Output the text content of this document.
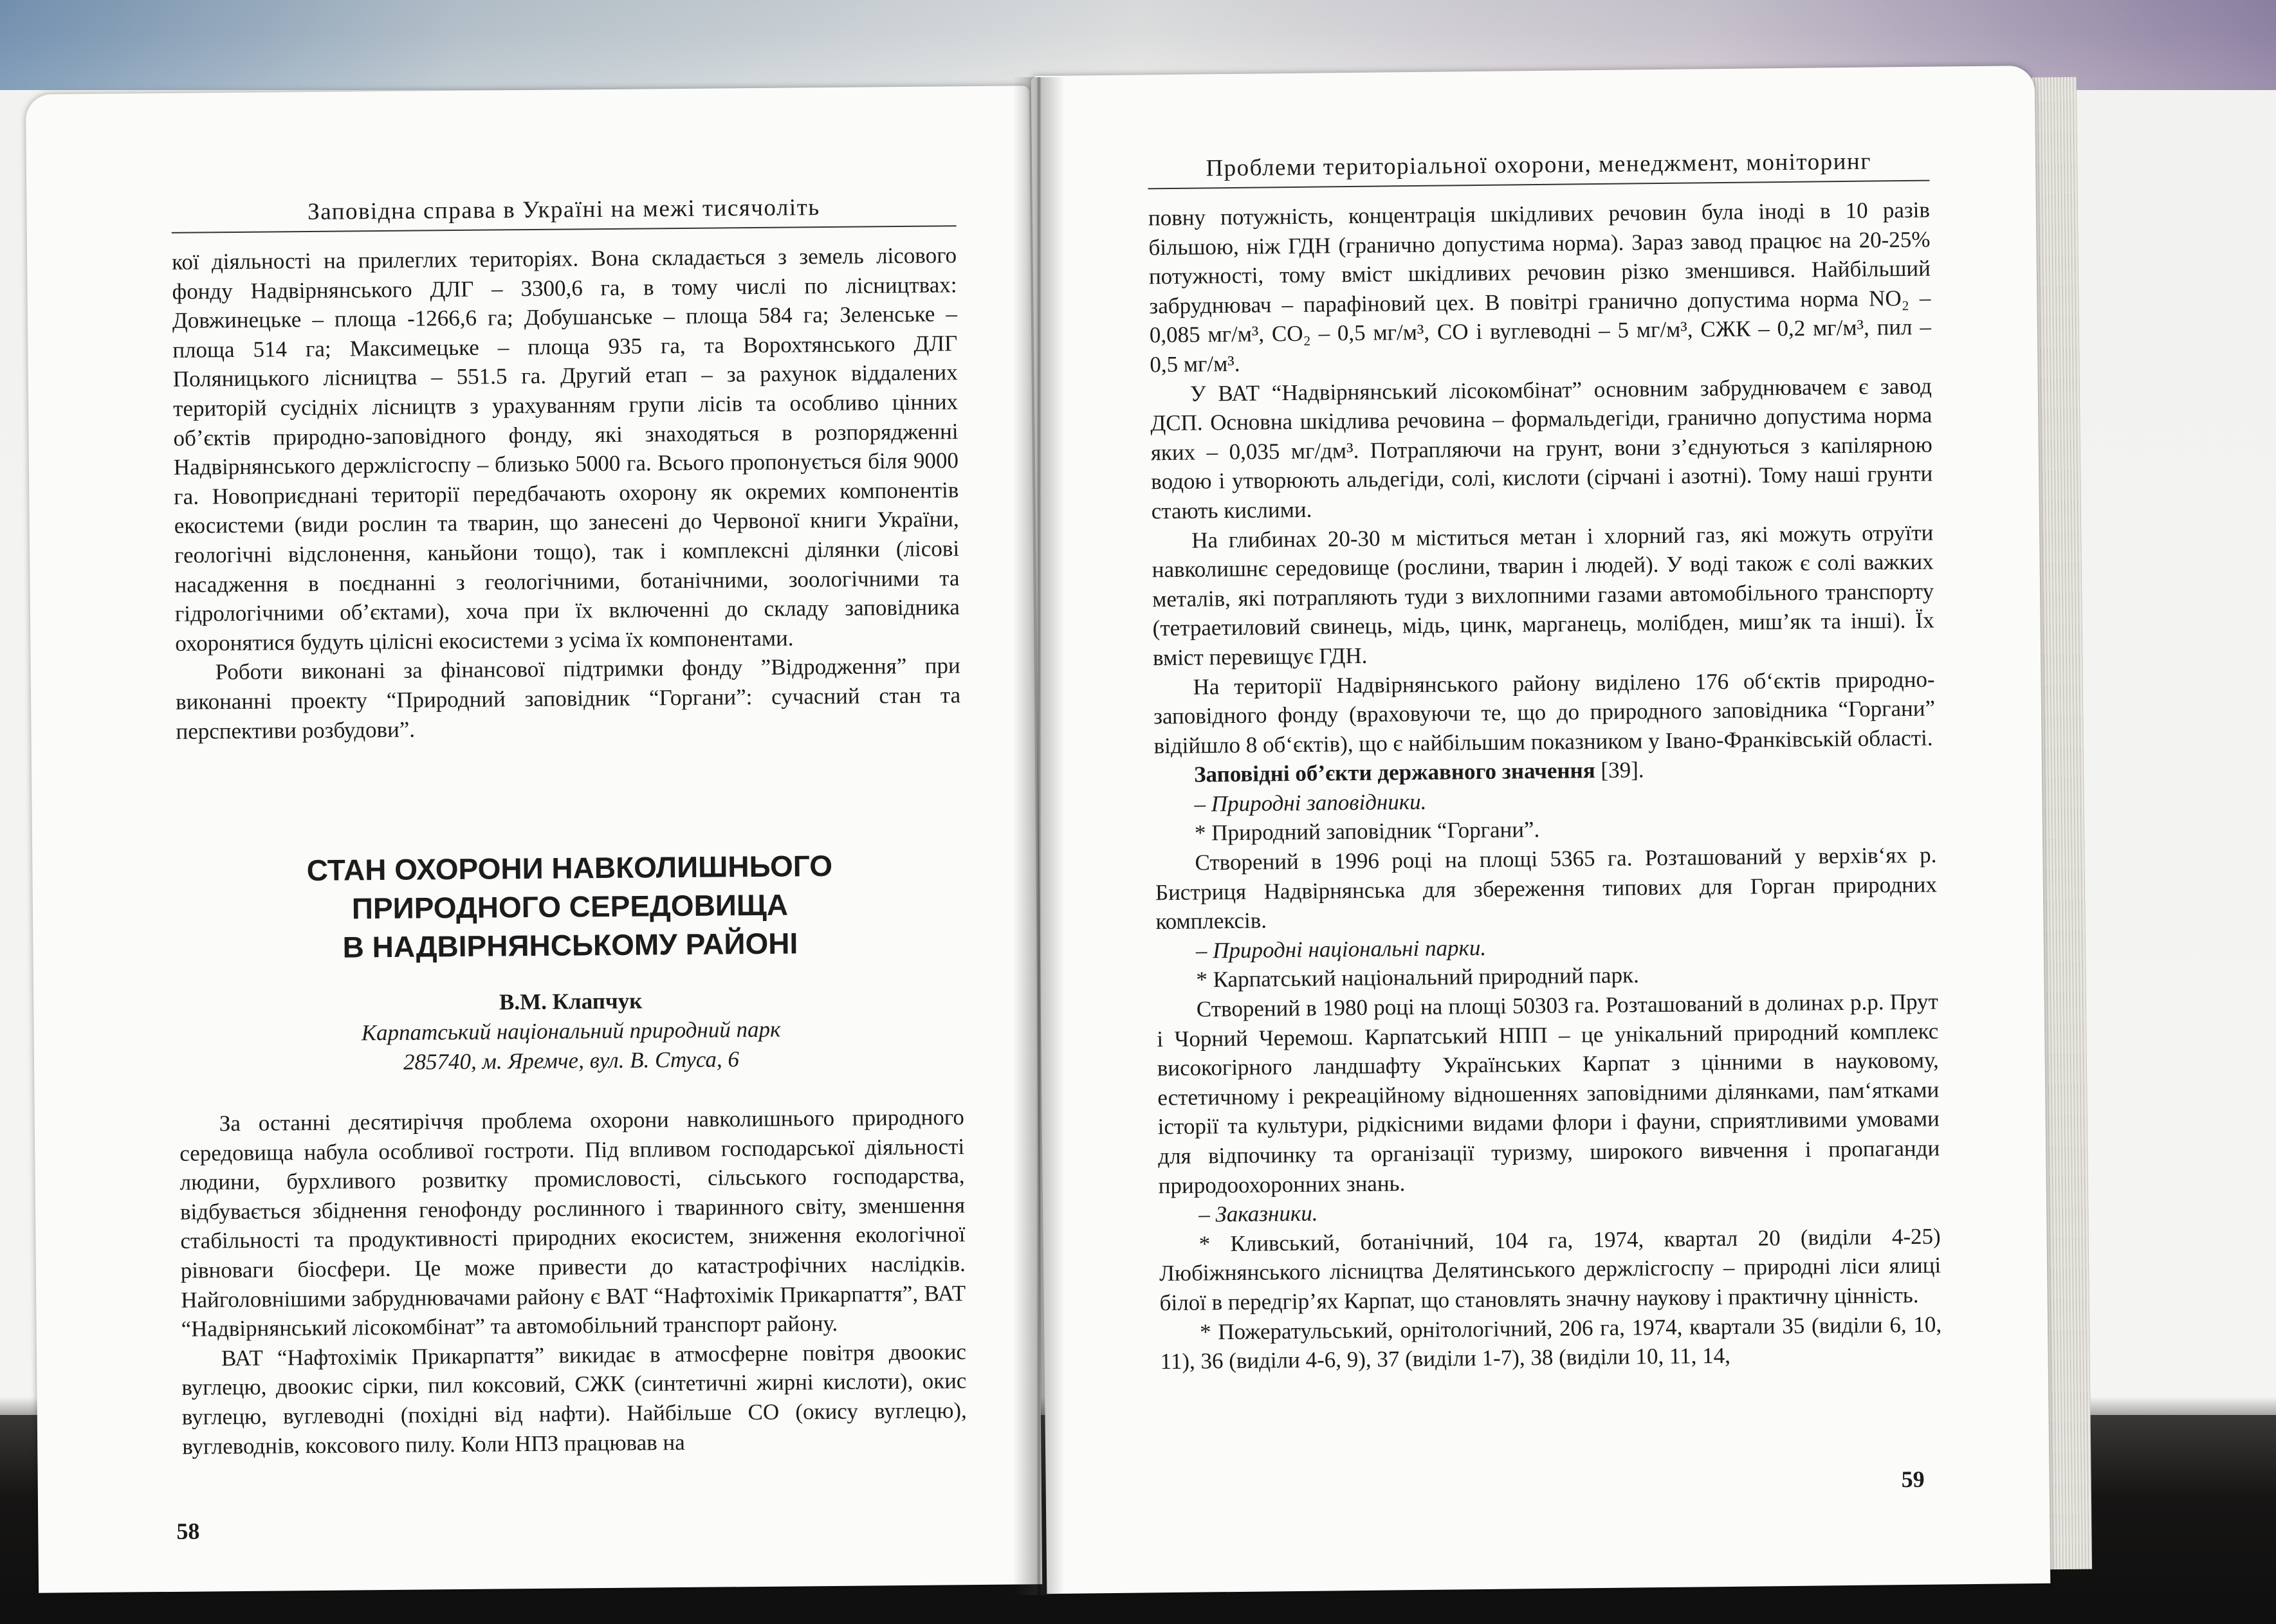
Заповідна справа в Україні на межі тисячоліть

кої діяльності на прилеглих територіях. Вона складається з земель лісового фонду Надвірнянського ДЛГ – 3300,6 га, в тому числі по лісництвах: Довжинецьке – площа -1266,6 га; Добушанське – площа 584 га; Зеленське – площа 514 га; Максимецьке – площа 935 га, та Ворохтянського ДЛГ Поляницького лісництва – 551.5 га. Другий етап – за рахунок віддалених територій сусідніх лісництв з урахуванням групи лісів та особливо цінних об’єктів природно-заповідного фонду, які знаходяться в розпорядженні Надвірнянського держлісгоспу – близько 5000 га. Всього пропонується біля 9000 га. Новоприєднані території передбачають охорону як окремих компонентів екосистеми (види рослин та тварин, що занесені до Червоної книги України, геологічні відслонення, каньйони тощо), так і комплексні ділянки (лісові насадження в поєднанні з геологічними, ботанічними, зоологічними та гідрологічними об’єктами), хоча при їх включенні до складу заповідника охоронятися будуть цілісні екосистеми з усіма їх компонентами.

Роботи виконані за фінансової підтримки фонду ”Відродження” при виконанні проекту “Природний заповідник “Горгани”: сучасний стан та перспективи розбудови”.

СТАН ОХОРОНИ НАВКОЛИШНЬОГО
ПРИРОДНОГО СЕРЕДОВИЩА
В НАДВІРНЯНСЬКОМУ РАЙОНІ
В.М. Клапчук
Карпатський національний природний парк
285740, м. Яремче, вул. В. Стуса, 6

За останні десятиріччя проблема охорони навколишнього природного середовища набула особливої гостроти. Під впливом господарської діяльності людини, бурхливого розвитку промисловості, сільського господарства, відбувається збіднення генофонду рослинного і тваринного світу, зменшення стабільності та продуктивності природних екосистем, зниження екологічної рівноваги біосфери. Це може привести до катастрофічних наслідків. Найголовнішими забруднювачами району є ВАТ “Нафтохімік Прикарпаття”, ВАТ “Надвірнянський лісокомбінат” та автомобільний транспорт району.

ВАТ “Нафтохімік Прикарпаття” викидає в атмосферне повітря двоокис вуглецю, двоокис сірки, пил коксовий, СЖК (синтетичні жирні кислоти), окис вуглецю, вуглеводні (похідні від нафти). Найбільше СО (окису вуглецю), вуглеводнів, коксового пилу. Коли НПЗ працював на

58
Проблеми територіальної охорони, менеджмент, моніторинг

повну потужність, концентрація шкідливих речовин була іноді в 10 разів більшою, ніж ГДН (гранично допустима норма). Зараз завод працює на 20-25% потужності, тому вміст шкідливих речовин різко зменшився. Найбільший забруднювач – парафіновий цех. В повітрі гранично допустима норма NO₂ – 0,085 мг/м³, CO₂ – 0,5 мг/м³, CO і вуглеводні – 5 мг/м³, СЖК – 0,2 мг/м³, пил – 0,5 мг/м³.

У ВАТ “Надвірнянський лісокомбінат” основним забруднювачем є завод ДСП. Основна шкідлива речовина – формальдегіди, гранично допустима норма яких – 0,035 мг/дм³. Потрапляючи на грунт, вони з’єднуються з капілярною водою і утворюють альдегіди, солі, кислоти (сірчані і азотні). Тому наші грунти стають кислими.

На глибинах 20-30 м міститься метан і хлорний газ, які можуть отруїти навколишнє середовище (рослини, тварин і людей). У воді також є солі важких металів, які потрапляють туди з вихлопними газами автомобільного транспорту (тетраетиловий свинець, мідь, цинк, марганець, молібден, миш’як та інші). Їх вміст перевищує ГДН.

На території Надвірнянського району виділено 176 об‘єктів природно-заповідного фонду (враховуючи те, що до природного заповідника “Горгани” відійшло 8 об‘єктів), що є найбільшим показником у Івано-Франківській області.

Заповідні об’єкти державного значення [39].

– Природні заповідники.

* Природний заповідник “Горгани”.

Створений в 1996 році на площі 5365 га. Розташований у верхів‘ях р. Бистриця Надвірнянська для збереження типових для Горган природних комплексів.

– Природні національні парки.

* Карпатський національний природний парк.

Створений в 1980 році на площі 50303 га. Розташований в долинах р.р. Прут і Чорний Черемош. Карпатський НПП – це унікальний природний комплекс високогірного ландшафту Українських Карпат з цінними в науковому, естетичному і рекреаційному відношеннях заповідними ділянками, пам‘ятками історії та культури, рідкісними видами флори і фауни, сприятливими умовами для відпочинку та організації туризму, широкого вивчення і пропаганди природоохоронних знань.

– Заказники.

* Кливський, ботанічний, 104 га, 1974, квартал 20 (виділи 4-25) Любіжнянського лісництва Делятинського держлісгоспу – природні ліси ялиці білої в передгір’ях Карпат, що становлять значну наукову і практичну цінність.

* Пожератульський, орнітологічний, 206 га, 1974, квартали 35 (виділи 6, 10, 11), 36 (виділи 4-6, 9), 37 (виділи 1-7), 38 (виділи 10, 11, 14,

59
